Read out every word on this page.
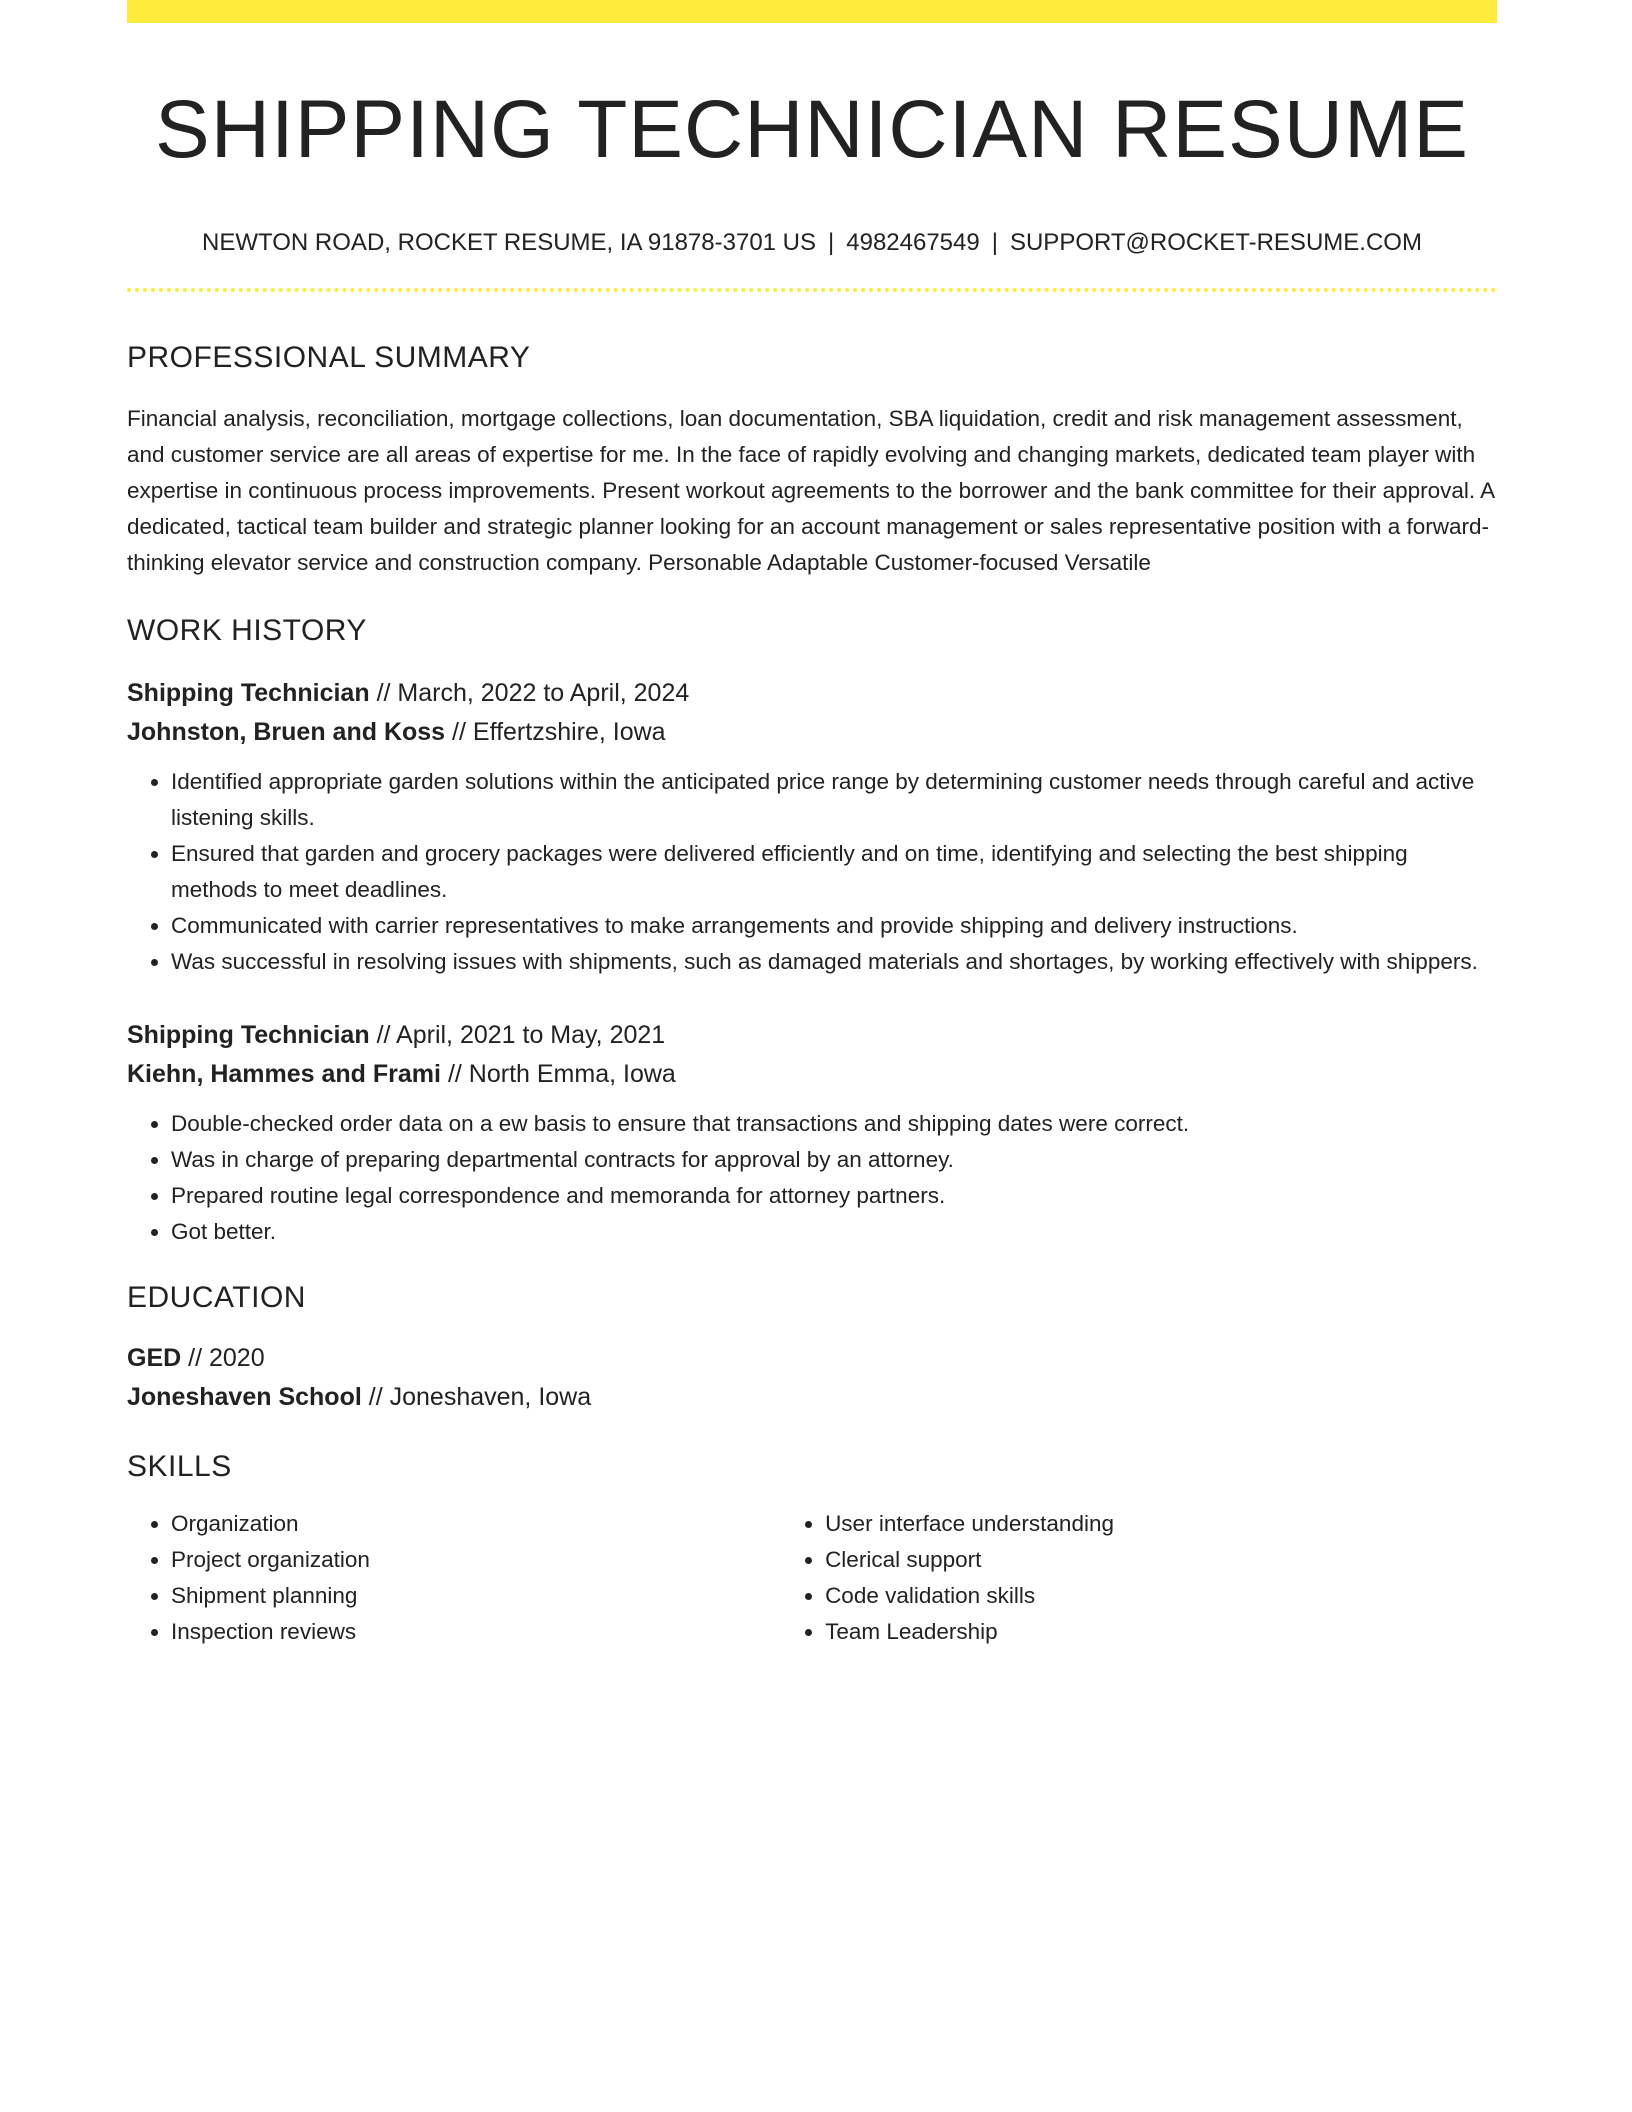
SHIPPING TECHNICIAN RESUME
NEWTON ROAD, ROCKET RESUME, IA 91878-3701 US | 4982467549 | SUPPORT@ROCKET-RESUME.COM
PROFESSIONAL SUMMARY

Financial analysis, reconciliation, mortgage collections, loan documentation, SBA liquidation, credit and risk management assessment, and customer service are all areas of expertise for me. In the face of rapidly evolving and changing markets, dedicated team player with expertise in continuous process improvements. Present workout agreements to the borrower and the bank committee for their approval. A dedicated, tactical team builder and strategic planner looking for an account management or sales representative position with a forward-thinking elevator service and construction company. Personable Adaptable Customer-focused Versatile

WORK HISTORY
Shipping Technician // March, 2022 to April, 2024
Johnston, Bruen and Koss // Effertzshire, Iowa
• Identified appropriate garden solutions within the anticipated price range by determining customer needs through careful and active listening skills.
• Ensured that garden and grocery packages were delivered efficiently and on time, identifying and selecting the best shipping methods to meet deadlines.
• Communicated with carrier representatives to make arrangements and provide shipping and delivery instructions.
• Was successful in resolving issues with shipments, such as damaged materials and shortages, by working effectively with shippers.
Shipping Technician // April, 2021 to May, 2021
Kiehn, Hammes and Frami // North Emma, Iowa
• Double-checked order data on a ew basis to ensure that transactions and shipping dates were correct.
• Was in charge of preparing departmental contracts for approval by an attorney.
• Prepared routine legal correspondence and memoranda for attorney partners.
• Got better.
EDUCATION
GED // 2020
Joneshaven School // Joneshaven, Iowa
SKILLS
• Organization
• Project organization
• Shipment planning
• Inspection reviews
• User interface understanding
• Clerical support
• Code validation skills
• Team Leadership
